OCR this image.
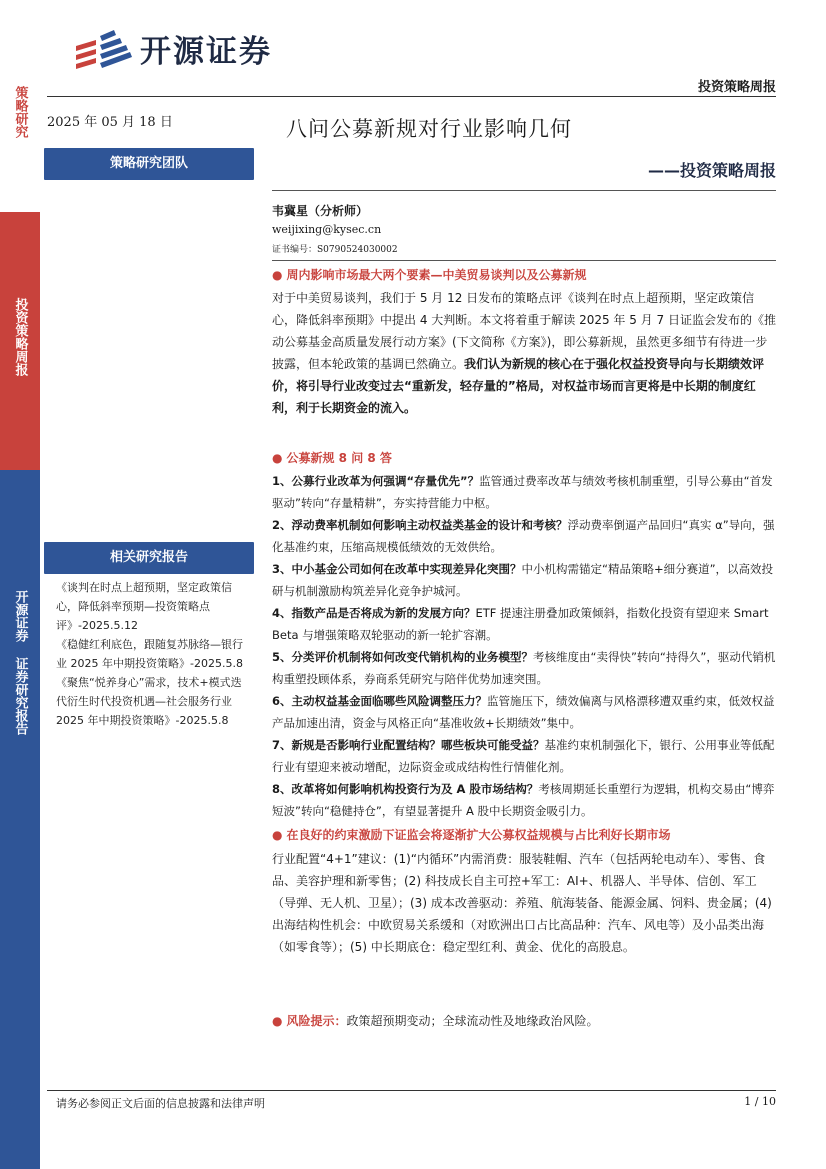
策略研究
投资策略周报
开源证券 证券研究报告
开源证券
投资策略周报
2025 年 05 月 18 日	八问公募新规对行业影响几何
——投资策略周报
策略研究团队
相关研究报告
《谈判在时点上超预期，坚定政策信心，降低斜率预期—投资策略点评》-2025.5.12
《稳健红利底色，跟随复苏脉络—银行业 2025 年中期投资策略》-2025.5.8
《聚焦“悦养身心”需求，技术+模式迭代衍生时代投资机遇—社会服务行业 2025 年中期投资策略》-2025.5.8
韦冀星（分析师）
weijixing@kysec.cn
证书编号：S0790524030002
● 周内影响市场最大两个要素—中美贸易谈判以及公募新规
对于中美贸易谈判，我们于 5 月 12 日发布的策略点评《谈判在时点上超预期，坚定政策信心，降低斜率预期》中提出 4 大判断。本文将着重于解读 2025 年 5 月 7 日证监会发布的《推动公募基金高质量发展行动方案》(下文简称《方案》)，即公募新规，虽然更多细节有待进一步披露，但本轮政策的基调已然确立。我们认为新规的核心在于强化权益投资导向与长期绩效评价，将引导行业改变过去“重新发，轻存量的”格局，对权益市场而言更将是中长期的制度红利，利于长期资金的流入。
● 公募新规 8 问 8 答
1、公募行业改革为何强调“存量优先”？监管通过费率改革与绩效考核机制重塑，引导公募由“首发驱动”转向“存量精耕”，夯实持营能力中枢。
2、浮动费率机制如何影响主动权益类基金的设计和考核？浮动费率倒逼产品回归“真实 α”导向，强化基准约束，压缩高规模低绩效的无效供给。
3、中小基金公司如何在改革中实现差异化突围？中小机构需锚定“精品策略+细分赛道”，以高效投研与机制激励构筑差异化竞争护城河。
4、指数产品是否将成为新的发展方向？ETF 提速注册叠加政策倾斜，指数化投资有望迎来 Smart Beta 与增强策略双轮驱动的新一轮扩容潮。
5、分类评价机制将如何改变代销机构的业务模型？考核维度由“卖得快”转向“持得久”，驱动代销机构重塑投顾体系，券商系凭研究与陪伴优势加速突围。
6、主动权益基金面临哪些风险调整压力？监管施压下，绩效偏离与风格漂移遭双重约束，低效权益产品加速出清，资金与风格正向“基准收敛+长期绩效”集中。
7、新规是否影响行业配置结构？哪些板块可能受益？基准约束机制强化下，银行、公用事业等低配行业有望迎来被动增配，边际资金或成结构性行情催化剂。
8、改革将如何影响机构投资行为及 A 股市场结构？考核周期延长重塑行为逻辑，机构交易由“博弈短波”转向“稳健持仓”，有望显著提升 A 股中长期资金吸引力。
● 在良好的约束激励下证监会将逐渐扩大公募权益规模与占比利好长期市场
行业配置“4+1”建议：(1)“内循环”内需消费：服装鞋帽、汽车（包括两轮电动车）、零售、食品、美容护理和新零售；(2) 科技成长自主可控+军工：AI+、机器人、半导体、信创、军工（导弹、无人机、卫星）；(3) 成本改善驱动：养殖、航海装备、能源金属、饲料、贵金属；(4) 出海结构性机会：中欧贸易关系缓和（对欧洲出口占比高品种：汽车、风电等）及小品类出海（如零食等）；(5) 中长期底仓：稳定型红利、黄金、优化的高股息。
● 风险提示：政策超预期变动；全球流动性及地缘政治风险。
请务必参阅正文后面的信息披露和法律声明	1 / 10
